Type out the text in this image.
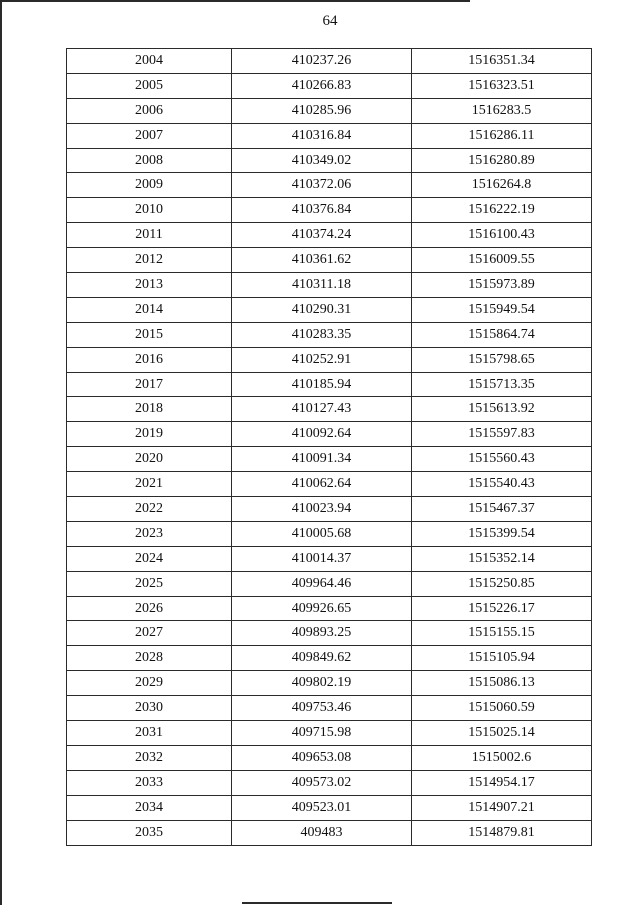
64
2004	410237.26	1516351.34
2005	410266.83	1516323.51
2006	410285.96	1516283.5
2007	410316.84	1516286.11
2008	410349.02	1516280.89
2009	410372.06	1516264.8
2010	410376.84	1516222.19
2011	410374.24	1516100.43
2012	410361.62	1516009.55
2013	410311.18	1515973.89
2014	410290.31	1515949.54
2015	410283.35	1515864.74
2016	410252.91	1515798.65
2017	410185.94	1515713.35
2018	410127.43	1515613.92
2019	410092.64	1515597.83
2020	410091.34	1515560.43
2021	410062.64	1515540.43
2022	410023.94	1515467.37
2023	410005.68	1515399.54
2024	410014.37	1515352.14
2025	409964.46	1515250.85
2026	409926.65	1515226.17
2027	409893.25	1515155.15
2028	409849.62	1515105.94
2029	409802.19	1515086.13
2030	409753.46	1515060.59
2031	409715.98	1515025.14
2032	409653.08	1515002.6
2033	409573.02	1514954.17
2034	409523.01	1514907.21
2035	409483	1514879.81
